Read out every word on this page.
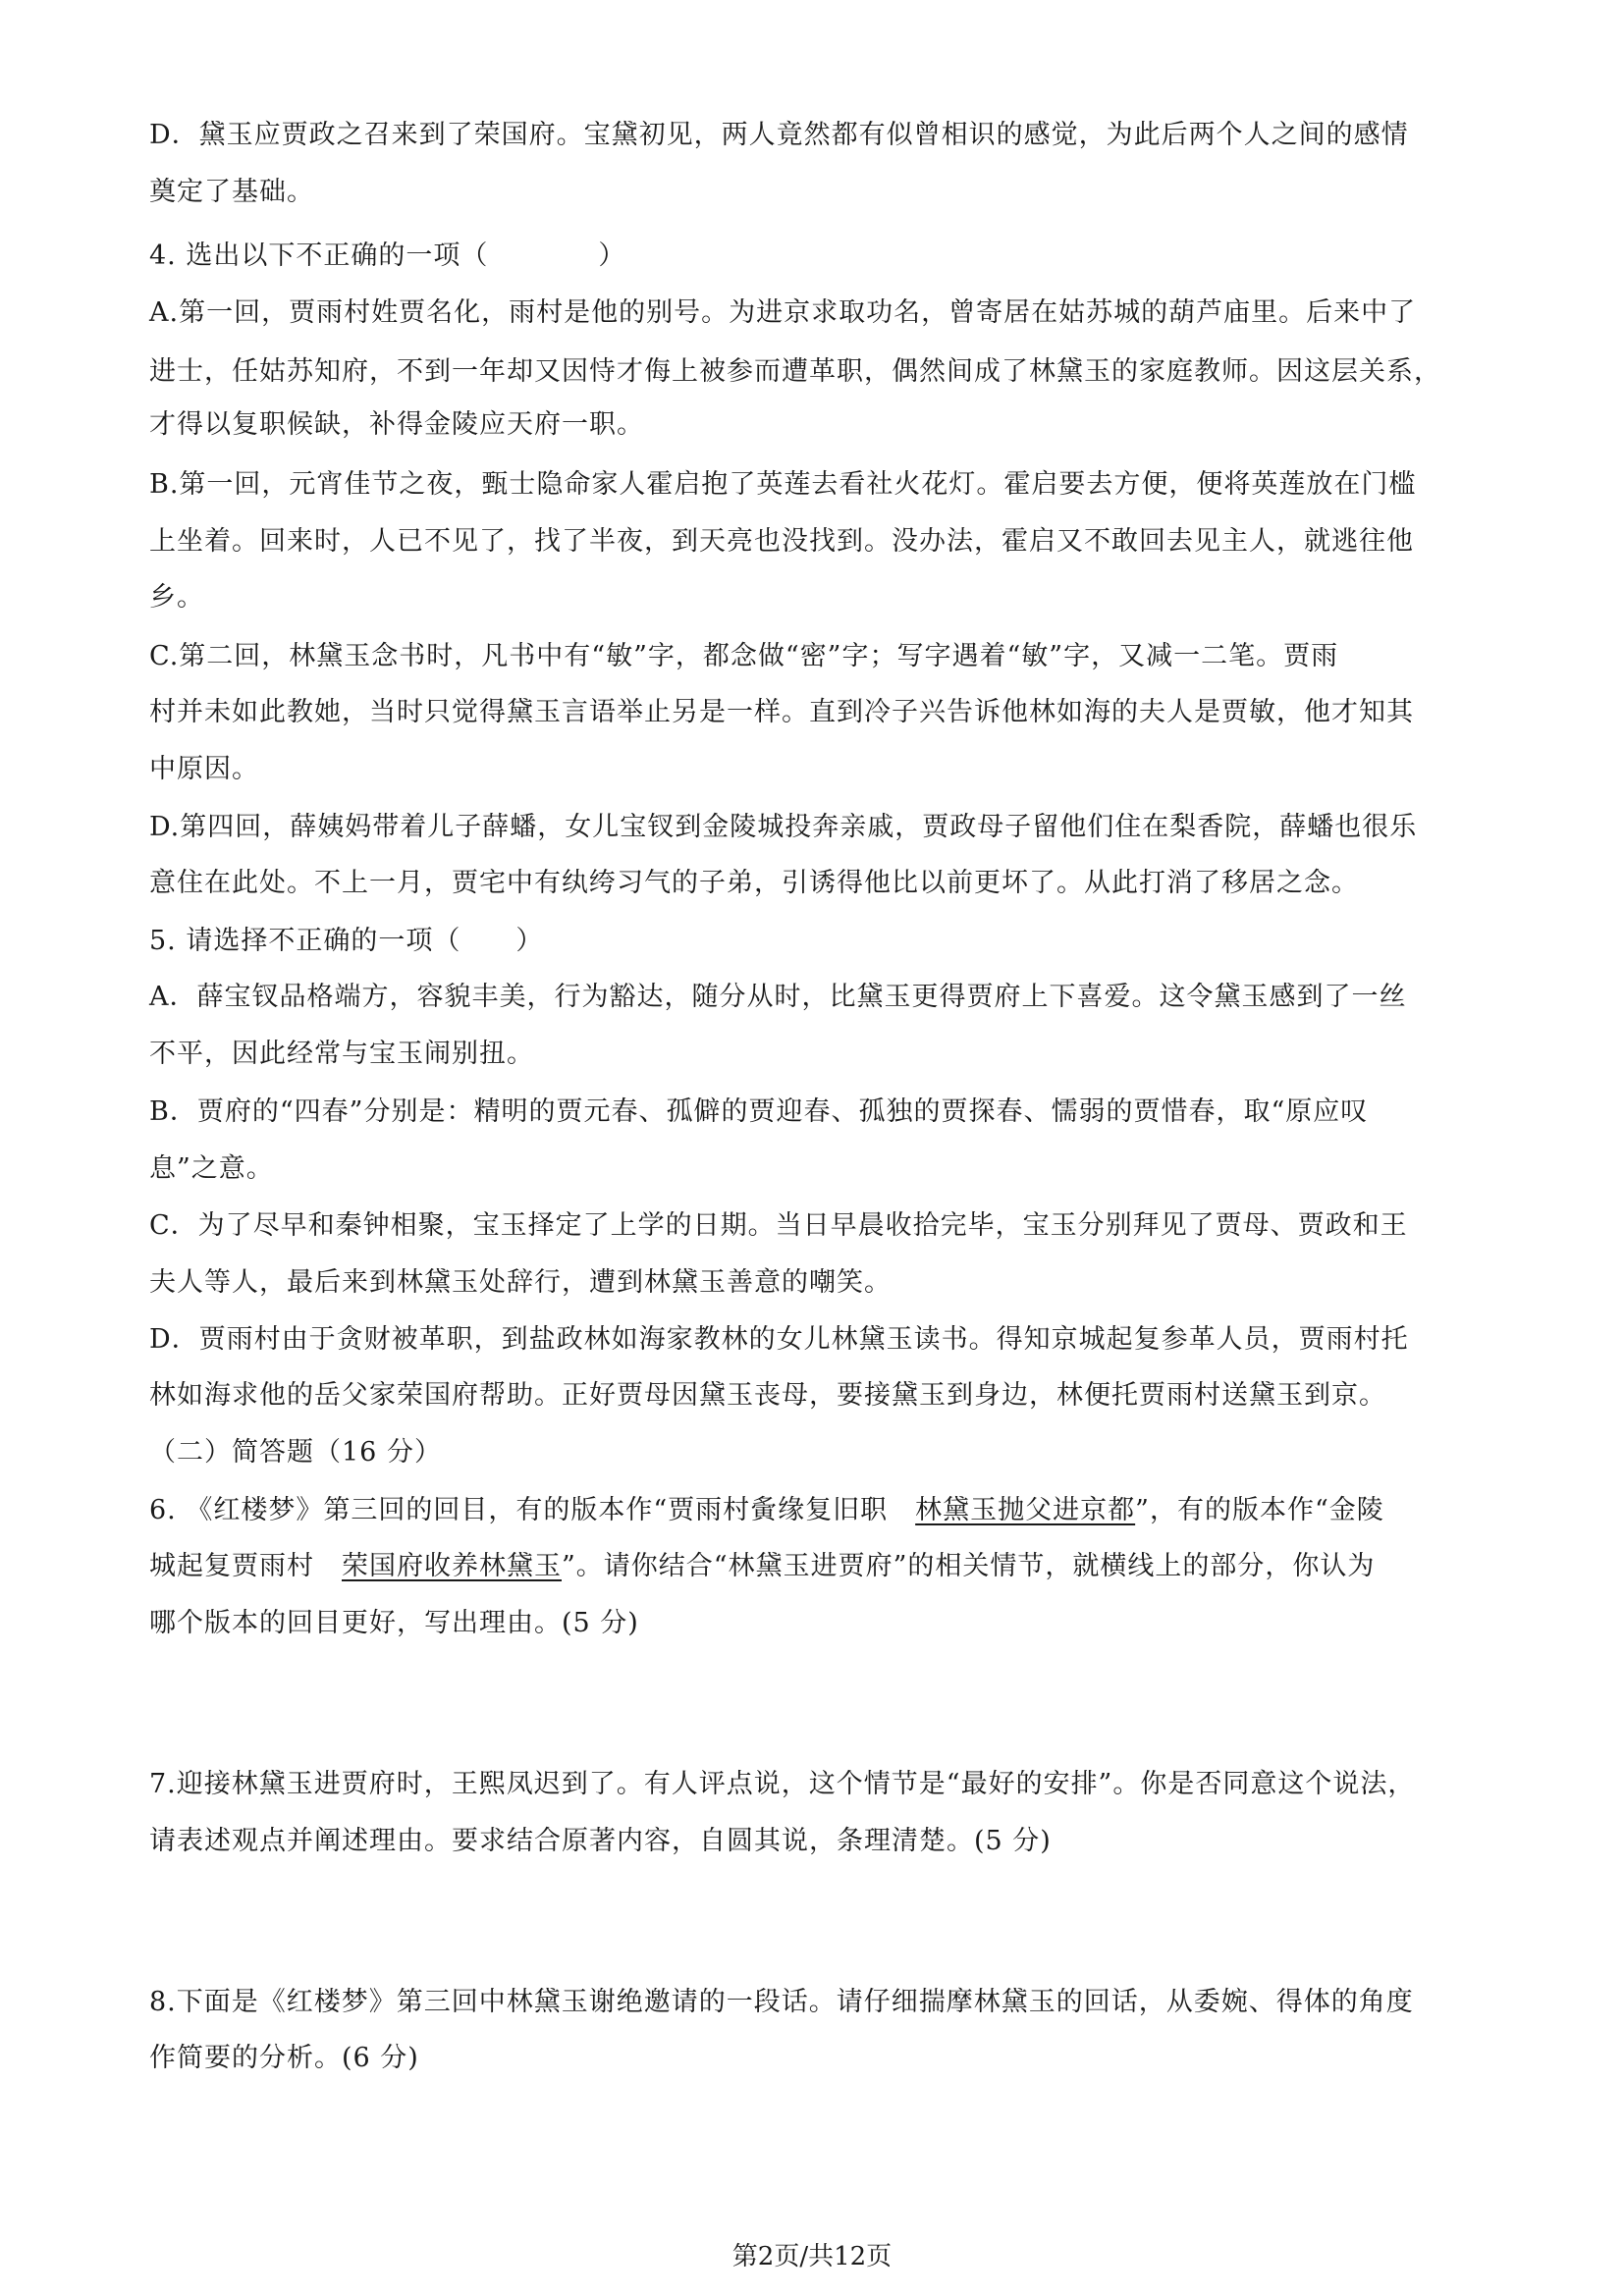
D．黛玉应贾政之召来到了荣国府。宝黛初见，两人竟然都有似曾相识的感觉，为此后两个人之间的感情
奠定了基础。
4. 选出以下不正确的一项（　　　　）
A.第一回，贾雨村姓贾名化，雨村是他的别号。为进京求取功名，曾寄居在姑苏城的葫芦庙里。后来中了
进士，任姑苏知府，不到一年却又因恃才侮上被参而遭革职，偶然间成了林黛玉的家庭教师。因这层关系，
才得以复职候缺，补得金陵应天府一职。
B.第一回，元宵佳节之夜，甄士隐命家人霍启抱了英莲去看社火花灯。霍启要去方便，便将英莲放在门槛
上坐着。回来时，人已不见了，找了半夜，到天亮也没找到。没办法，霍启又不敢回去见主人，就逃往他
乡。
C.第二回，林黛玉念书时，凡书中有“敏”字，都念做“密”字；写字遇着“敏”字，又减一二笔。贾雨
村并未如此教她，当时只觉得黛玉言语举止另是一样。直到冷子兴告诉他林如海的夫人是贾敏，他才知其
中原因。
D.第四回，薛姨妈带着儿子薛蟠，女儿宝钗到金陵城投奔亲戚，贾政母子留他们住在梨香院，薛蟠也很乐
意住在此处。不上一月，贾宅中有纨绔习气的子弟，引诱得他比以前更坏了。从此打消了移居之念。
5. 请选择不正确的一项（　　）
A．薛宝钗品格端方，容貌丰美，行为豁达，随分从时，比黛玉更得贾府上下喜爱。这令黛玉感到了一丝
不平，因此经常与宝玉闹别扭。
B．贾府的“四春”分别是：精明的贾元春、孤僻的贾迎春、孤独的贾探春、懦弱的贾惜春，取“原应叹
息”之意。
C．为了尽早和秦钟相聚，宝玉择定了上学的日期。当日早晨收拾完毕，宝玉分别拜见了贾母、贾政和王
夫人等人，最后来到林黛玉处辞行，遭到林黛玉善意的嘲笑。
D．贾雨村由于贪财被革职，到盐政林如海家教林的女儿林黛玉读书。得知京城起复参革人员，贾雨村托
林如海求他的岳父家荣国府帮助。正好贾母因黛玉丧母，要接黛玉到身边，林便托贾雨村送黛玉到京。
（二）简答题（16 分）
6. 《红楼梦》第三回的回目，有的版本作“贾雨村夤缘复旧职　林黛玉抛父进京都”，有的版本作“金陵
城起复贾雨村　荣国府收养林黛玉”。请你结合“林黛玉进贾府”的相关情节，就横线上的部分，你认为
哪个版本的回目更好，写出理由。(5 分)
7.迎接林黛玉进贾府时，王熙凤迟到了。有人评点说，这个情节是“最好的安排”。你是否同意这个说法，
请表述观点并阐述理由。要求结合原著内容，自圆其说，条理清楚。(5 分)
8.下面是《红楼梦》第三回中林黛玉谢绝邀请的一段话。请仔细揣摩林黛玉的回话，从委婉、得体的角度
作简要的分析。(6 分)
第2页/共12页
